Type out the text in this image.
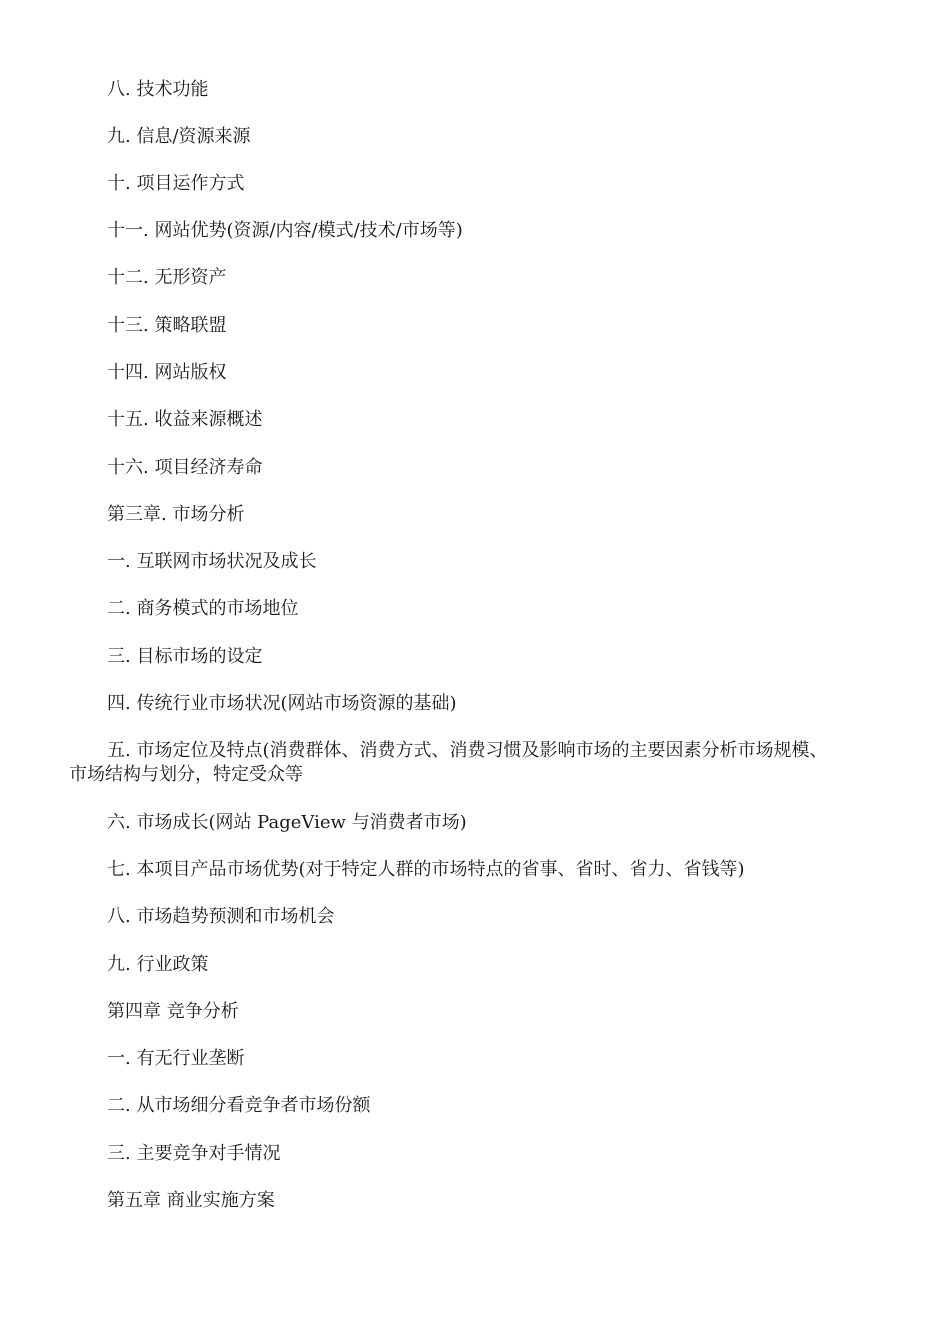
八. 技术功能

九. 信息/资源来源

十. 项目运作方式

十一. 网站优势(资源/内容/模式/技术/市场等)

十二. 无形资产

十三. 策略联盟

十四. 网站版权

十五. 收益来源概述

十六. 项目经济寿命

第三章. 市场分析

一. 互联网市场状况及成长

二. 商务模式的市场地位

三. 目标市场的设定

四. 传统行业市场状况(网站市场资源的基础)

五. 市场定位及特点(消费群体、消费方式、消费习惯及影响市场的主要因素分析市场规模、

市场结构与划分，特定受众等

六. 市场成长(网站 PageView 与消费者市场)

七. 本项目产品市场优势(对于特定人群的市场特点的省事、省时、省力、省钱等)

八. 市场趋势预测和市场机会

九. 行业政策

第四章 竞争分析

一. 有无行业垄断

二. 从市场细分看竞争者市场份额

三. 主要竞争对手情况

第五章 商业实施方案
